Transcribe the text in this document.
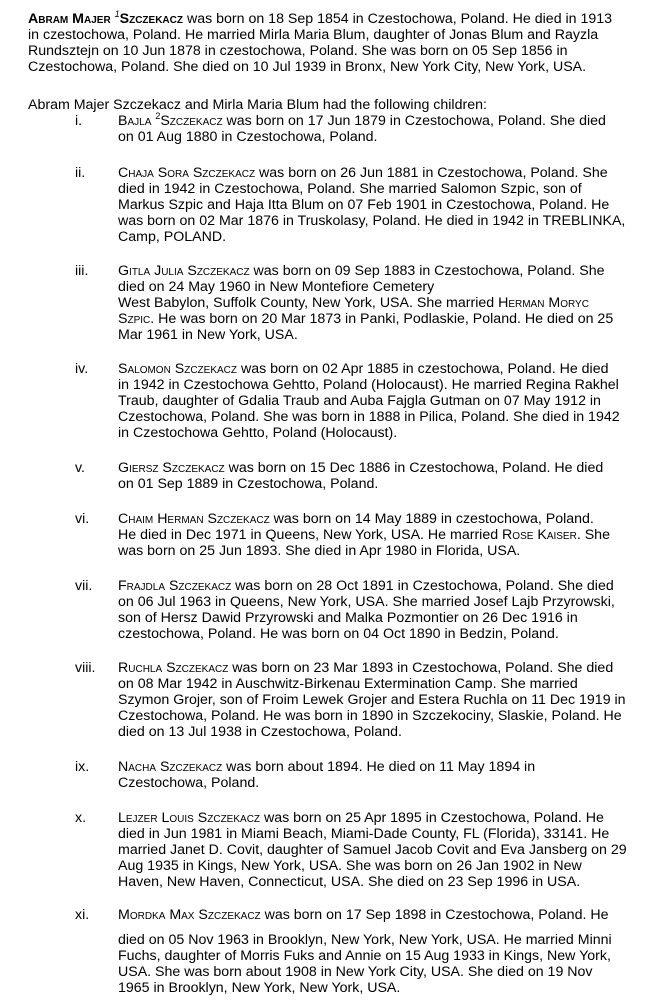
Abram Majer $^1$Szczekacz was born on 18 Sep 1854 in Czestochowa, Poland. He died in 1913
in czestochowa, Poland. He married Mirla Maria Blum, daughter of Jonas Blum and Rayzla
Rundsztejn on 10 Jun 1878 in czestochowa, Poland. She was born on 05 Sep 1856 in
Czestochowa, Poland. She died on 10 Jul 1939 in Bronx, New York City, New York, USA.
Abram Majer Szczekacz and Mirla Maria Blum had the following children:
i.	Bajla $^2$Szczekacz was born on 17 Jun 1879 in Czestochowa, Poland. She died
on 01 Aug 1880 in Czestochowa, Poland.
ii.	Chaja Sora Szczekacz was born on 26 Jun 1881 in Czestochowa, Poland. She
died in 1942 in Czestochowa, Poland. She married Salomon Szpic, son of
Markus Szpic and Haja Itta Blum on 07 Feb 1901 in Czestochowa, Poland. He
was born on 02 Mar 1876 in Truskolasy, Poland. He died in 1942 in TREBLINKA,
Camp, POLAND.
iii.	Gitla Julia Szczekacz was born on 09 Sep 1883 in Czestochowa, Poland. She
died on 24 May 1960 in New Montefiore Cemetery
West Babylon, Suffolk County, New York, USA. She married Herman Moryc
Szpic. He was born on 20 Mar 1873 in Panki, Podlaskie, Poland. He died on 25
Mar 1961 in New York, USA.
iv.	Salomon Szczekacz was born on 02 Apr 1885 in czestochowa, Poland. He died
in 1942 in Czestochowa Gehtto, Poland (Holocaust). He married Regina Rakhel
Traub, daughter of Gdalia Traub and Auba Fajgla Gutman on 07 May 1912 in
Czestochowa, Poland. She was born in 1888 in Pilica, Poland. She died in 1942
in Czestochowa Gehtto, Poland (Holocaust).
v.	Giersz Szczekacz was born on 15 Dec 1886 in Czestochowa, Poland. He died
on 01 Sep 1889 in Czestochowa, Poland.
vi.	Chaim Herman Szczekacz was born on 14 May 1889 in czestochowa, Poland.
He died in Dec 1971 in Queens, New York, USA. He married Rose Kaiser. She
was born on 25 Jun 1893. She died in Apr 1980 in Florida, USA.
vii.	Frajdla Szczekacz was born on 28 Oct 1891 in Czestochowa, Poland. She died
on 06 Jul 1963 in Queens, New York, USA. She married Josef Lajb Przyrowski,
son of Hersz Dawid Przyrowski and Malka Pozmontier on 26 Dec 1916 in
czestochowa, Poland. He was born on 04 Oct 1890 in Bedzin, Poland.
viii.	Ruchla Szczekacz was born on 23 Mar 1893 in Czestochowa, Poland. She died
on 08 Mar 1942 in Auschwitz-Birkenau Extermination Camp. She married
Szymon Grojer, son of Froim Lewek Grojer and Estera Ruchla on 11 Dec 1919 in
Czestochowa, Poland. He was born in 1890 in Szczekociny, Slaskie, Poland. He
died on 13 Jul 1938 in Czestochowa, Poland.
ix.	Nacha Szczekacz was born about 1894. He died on 11 May 1894 in
Czestochowa, Poland.
x.	Lejzer Louis Szczekacz was born on 25 Apr 1895 in Czestochowa, Poland. He
died in Jun 1981 in Miami Beach, Miami-Dade County, FL (Florida), 33141. He
married Janet D. Covit, daughter of Samuel Jacob Covit and Eva Jansberg on 29
Aug 1935 in Kings, New York, USA. She was born on 26 Jan 1902 in New
Haven, New Haven, Connecticut, USA. She died on 23 Sep 1996 in USA.
xi.	Mordka Max Szczekacz was born on 17 Sep 1898 in Czestochowa, Poland. He
died on 05 Nov 1963 in Brooklyn, New York, New York, USA. He married Minni
Fuchs, daughter of Morris Fuks and Annie on 15 Aug 1933 in Kings, New York,
USA. She was born about 1908 in New York City, USA. She died on 19 Nov
1965 in Brooklyn, New York, New York, USA.
